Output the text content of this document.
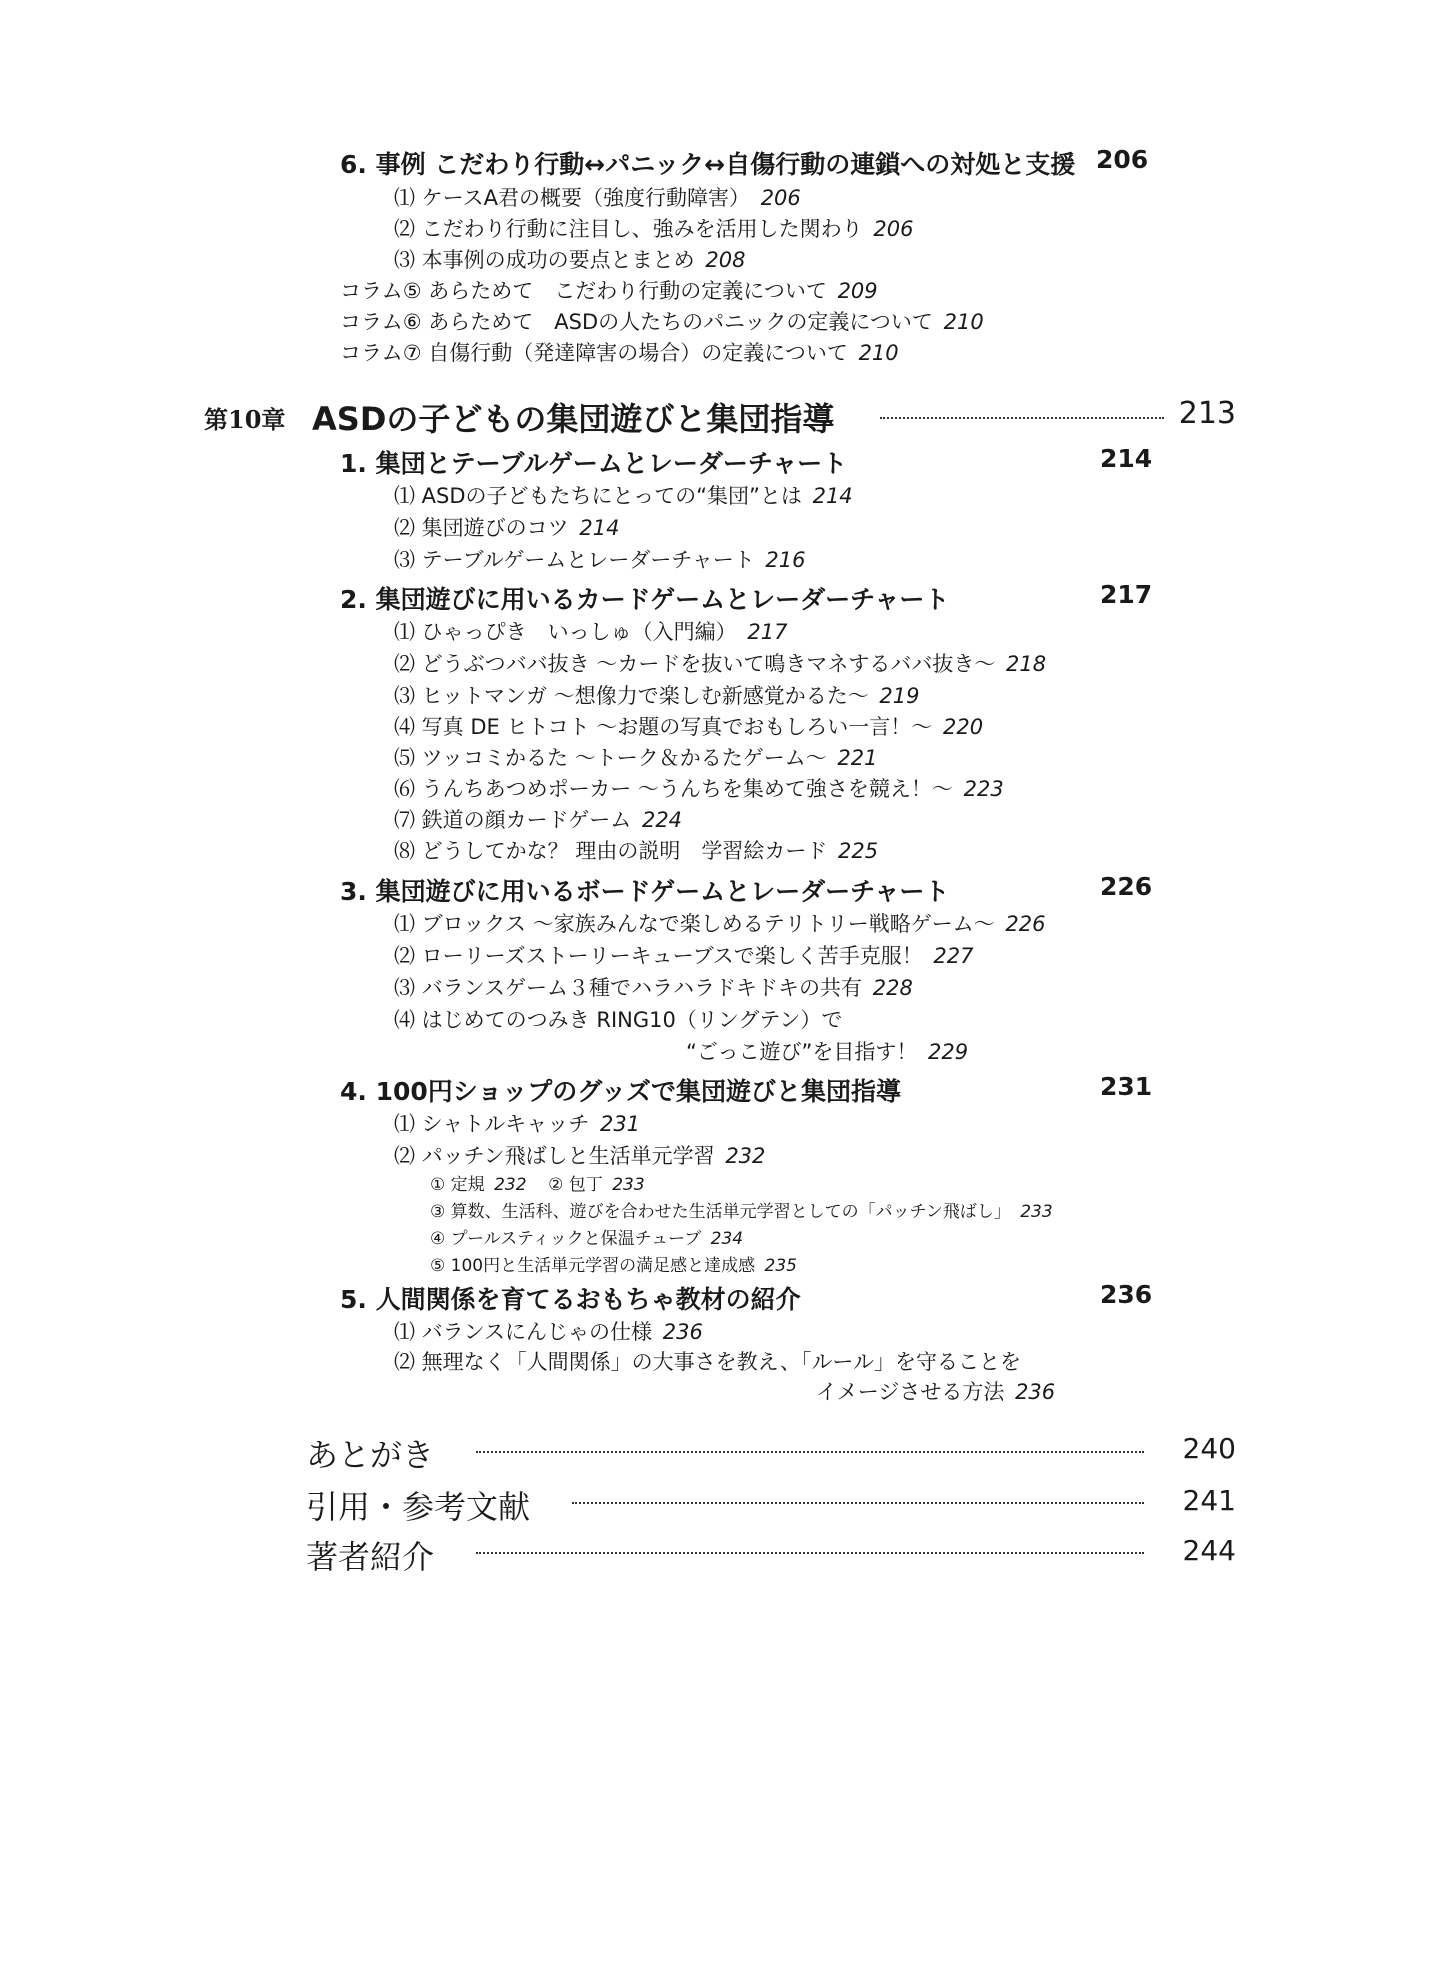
6. 事例 こだわり行動↔パニック↔自傷行動の連鎖への対処と支援 206
⑴ ケースA君の概要（強度行動障害） 206
⑵ こだわり行動に注目し、強みを活用した関わり 206
⑶ 本事例の成功の要点とまとめ 208
コラム⑤ あらためて　こだわり行動の定義について 209
コラム⑥ あらためて　ASDの人たちのパニックの定義について 210
コラム⑦ 自傷行動（発達障害の場合）の定義について 210
第10章 ASDの子どもの集団遊びと集団指導	213
1. 集団とテーブルゲームとレーダーチャート	214
⑴ ASDの子どもたちにとっての“集団”とは 214
⑵ 集団遊びのコツ 214
⑶ テーブルゲームとレーダーチャート 216
2. 集団遊びに用いるカードゲームとレーダーチャート	217
⑴ ひゃっぴき　いっしゅ（入門編） 217
⑵ どうぶつババ抜き ～カードを抜いて鳴きマネするババ抜き～ 218
⑶ ヒットマンガ ～想像力で楽しむ新感覚かるた～ 219
⑷ 写真 DE ヒトコト ～お題の写真でおもしろい一言！～ 220
⑸ ツッコミかるた ～トーク＆かるたゲーム～ 221
⑹ うんちあつめポーカー ～うんちを集めて強さを競え！～ 223
⑺ 鉄道の顔カードゲーム 224
⑻ どうしてかな？ 理由の説明　学習絵カード 225
3. 集団遊びに用いるボードゲームとレーダーチャート	226
⑴ ブロックス ～家族みんなで楽しめるテリトリー戦略ゲーム～ 226
⑵ ローリーズストーリーキューブスで楽しく苦手克服！ 227
⑶ バランスゲーム３種でハラハラドキドキの共有 228
⑷ はじめてのつみき RING10（リングテン）で
“ごっこ遊び”を目指す！ 229
4. 100円ショップのグッズで集団遊びと集団指導	231
⑴ シャトルキャッチ 231
⑵ パッチン飛ばしと生活単元学習 232
① 定規 232 ② 包丁 233
③ 算数、生活科、遊びを合わせた生活単元学習としての「パッチン飛ばし」 233
④ プールスティックと保温チューブ 234
⑤ 100円と生活単元学習の満足感と達成感 235
5. 人間関係を育てるおもちゃ教材の紹介	236
⑴ バランスにんじゃの仕様 236
⑵ 無理なく「人間関係」の大事さを教え、「ルール」を守ることを
イメージさせる方法 236
あとがき	240
引用・参考文献	241
著者紹介	244
